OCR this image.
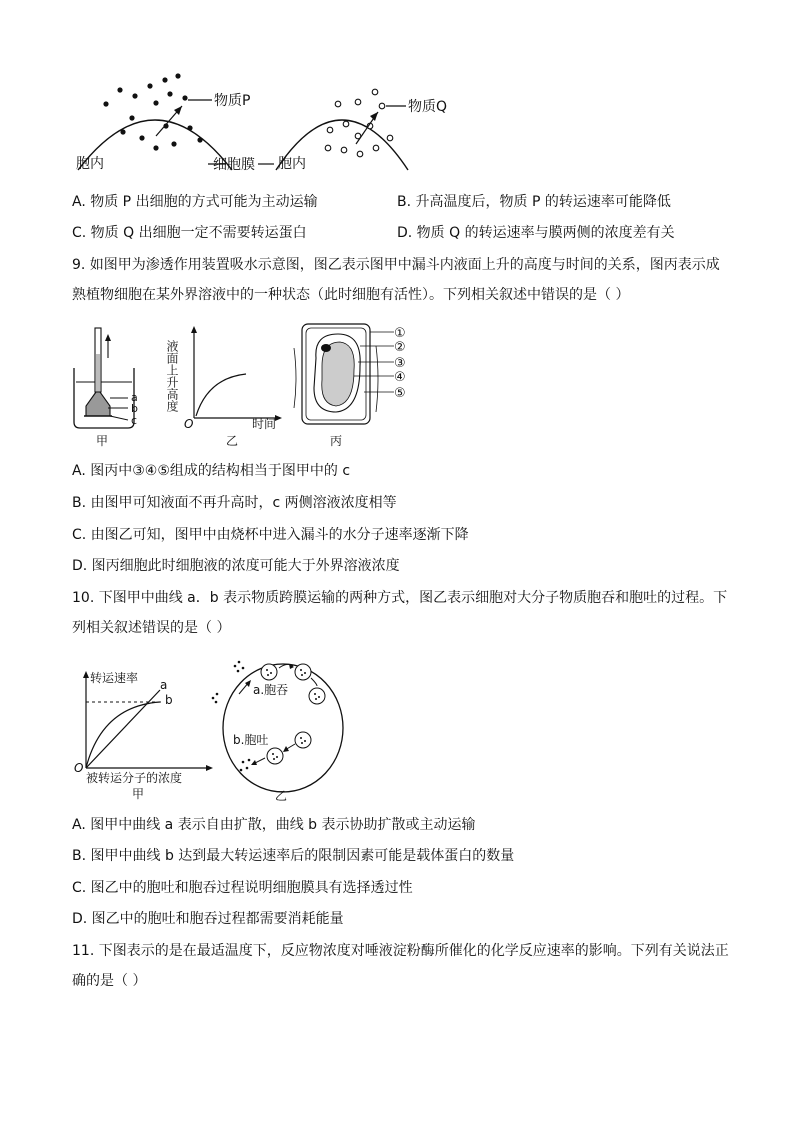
物质P	物质Q
胞内	胞内
细胞膜
A. 物质 P 出细胞的方式可能为主动运输	B. 升高温度后，物质 P 的转运速率可能降低
C. 物质 Q 出细胞一定不需要转运蛋白	D. 物质 Q 的转运速率与膜两侧的浓度差有关
9. 如图甲为渗透作用装置吸水示意图，图乙表示图甲中漏斗内液面上升的高度与时间的关系，图丙表示成熟植物细胞在某外界溶液中的一种状态（此时细胞有活性）。下列相关叙述中错误的是（ ）
a
b
c
甲
液面上升高度
O	时间
乙
①
②
③
④
⑤
丙
A. 图丙中③④⑤组成的结构相当于图甲中的 c
B. 由图甲可知液面不再升高时，c 两侧溶液浓度相等
C. 由图乙可知，图甲中由烧杯中进入漏斗的水分子速率逐渐下降
D. 图丙细胞此时细胞液的浓度可能大于外界溶液浓度
10. 下图甲中曲线 a．b 表示物质跨膜运输的两种方式，图乙表示细胞对大分子物质胞吞和胞吐的过程。下列相关叙述错误的是（ ）
a
b
转运速率
O
被转运分子的浓度
甲
a.胞吞
b.胞吐
乙
A. 图甲中曲线 a 表示自由扩散，曲线 b 表示协助扩散或主动运输
B. 图甲中曲线 b 达到最大转运速率后的限制因素可能是载体蛋白的数量
C. 图乙中的胞吐和胞吞过程说明细胞膜具有选择透过性
D. 图乙中的胞吐和胞吞过程都需要消耗能量
11. 下图表示的是在最适温度下，反应物浓度对唾液淀粉酶所催化的化学反应速率的影响。下列有关说法正确的是（ ）
